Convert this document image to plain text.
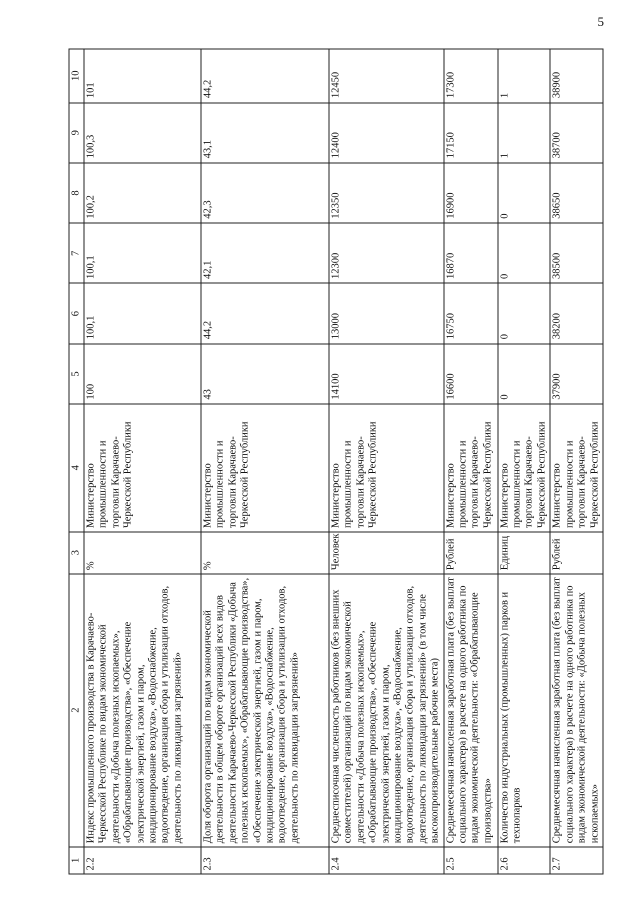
5
1	2	3	4	5	6	7	8	9	10
2.2	Индекс промышленного производства в Карачаево-Черкесской Республике по видам экономической деятельности «Добыча полезных ископаемых», «Обрабатывающие производства», «Обеспечение электрической энергией, газом и паром, кондиционирование воздуха», «Водоснабжение, водоотведение, организация сбора и утилизации отходов, деятельность по ликвидации загрязнений»	%	Министерство промышленности и торговли Карачаево-Черкесской Республики	100	100,1	100,1	100,2	100,3	101
2.3	Доля оборота организаций по видам экономической деятельности в общем обороте организаций всех видов деятельности Карачаево-Черкесской Республики «Добыча полезных ископаемых», «Обрабатывающие производства», «Обеспечение электрической энергией, газом и паром, кондиционирование воздуха», «Водоснабжение, водоотведение, организация сбора и утилизации отходов, деятельность по ликвидации загрязнений»	%	Министерство промышленности и торговли Карачаево-Черкесской Республики	43	44,2	42,1	42,3	43,1	44,2
2.4	Среднесписочная численность работников (без внешних совместителей) организаций по видам экономической деятельности «Добыча полезных ископаемых», «Обрабатывающие производства», «Обеспечение электрической энергией, газом и паром, кондиционирование воздуха», «Водоснабжение, водоотведение, организация сбора и утилизации отходов, деятельность по ликвидации загрязнений» (в том числе высокопроизводительные рабочие места)	Человек	Министерство промышленности и торговли Карачаево-Черкесской Республики	14100	13000	12300	12350	12400	12450
2.5	Среднемесячная начисленная заработная плата (без выплат социального характера) в расчете на одного работника по видам экономической деятельности: «Обрабатывающие производства»	Рублей	Министерство промышленности и торговли Карачаево-Черкесской Республики	16600	16750	16870	16900	17150	17300
2.6	Количество индустриальных (промышленных) парков и технопарков	Единиц	Министерство промышленности и торговли Карачаево-Черкесской Республики	0	0	0	0	1	1
2.7	Среднемесячная начисленная заработная плата (без выплат социального характера) в расчете на одного работника по видам экономической деятельности: «Добыча полезных ископаемых»	Рублей	Министерство промышленности и торговли Карачаево-Черкесской Республики	37900	38200	38500	38650	38700	38900
